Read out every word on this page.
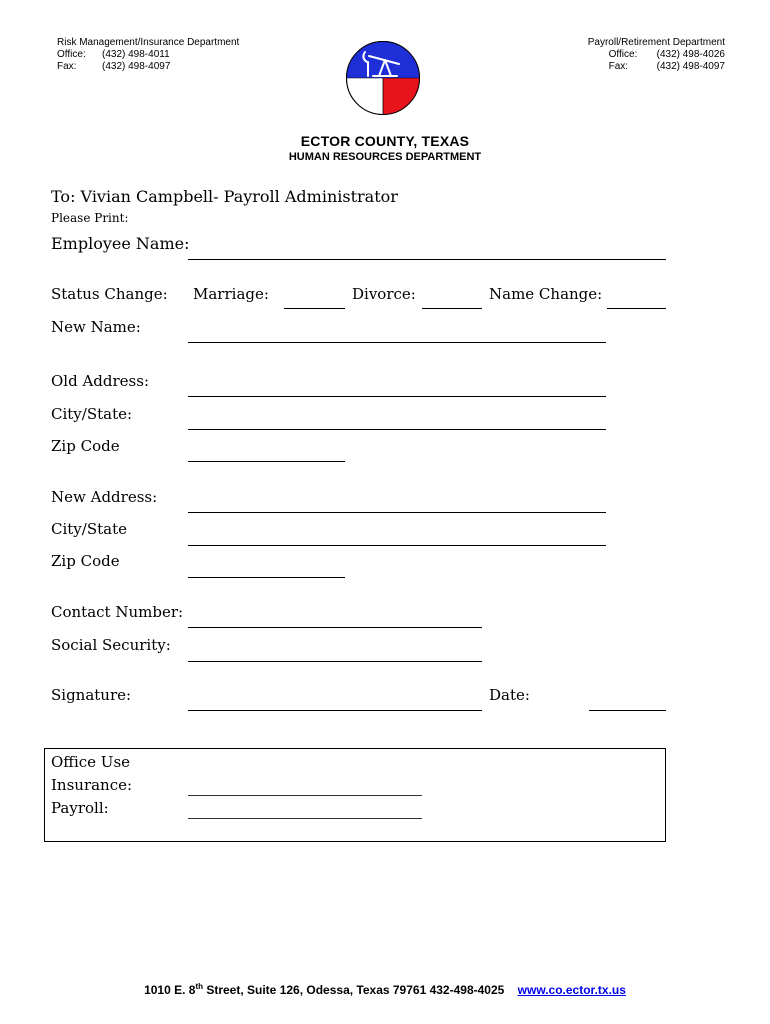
Risk Management/Insurance Department
Office:	(432) 498-4011
Fax:	(432) 498-4097
Payroll/Retirement Department
Office:	(432) 498-4026
Fax:	(432) 498-4097
ECTOR COUNTY, TEXAS
HUMAN RESOURCES DEPARTMENT
To: Vivian Campbell- Payroll Administrator
Please Print:
Employee Name:
Status Change: Marriage:	Divorce:	Name Change:
New Name:
Old Address:
City/State:
Zip Code
New Address:
City/State
Zip Code
Contact Number:
Social Security:
Signature:	Date:
Office Use
Insurance:
Payroll:
1010 E. 8th Street, Suite 126, Odessa, Texas 79761 432-498-4025 www.co.ector.tx.us
